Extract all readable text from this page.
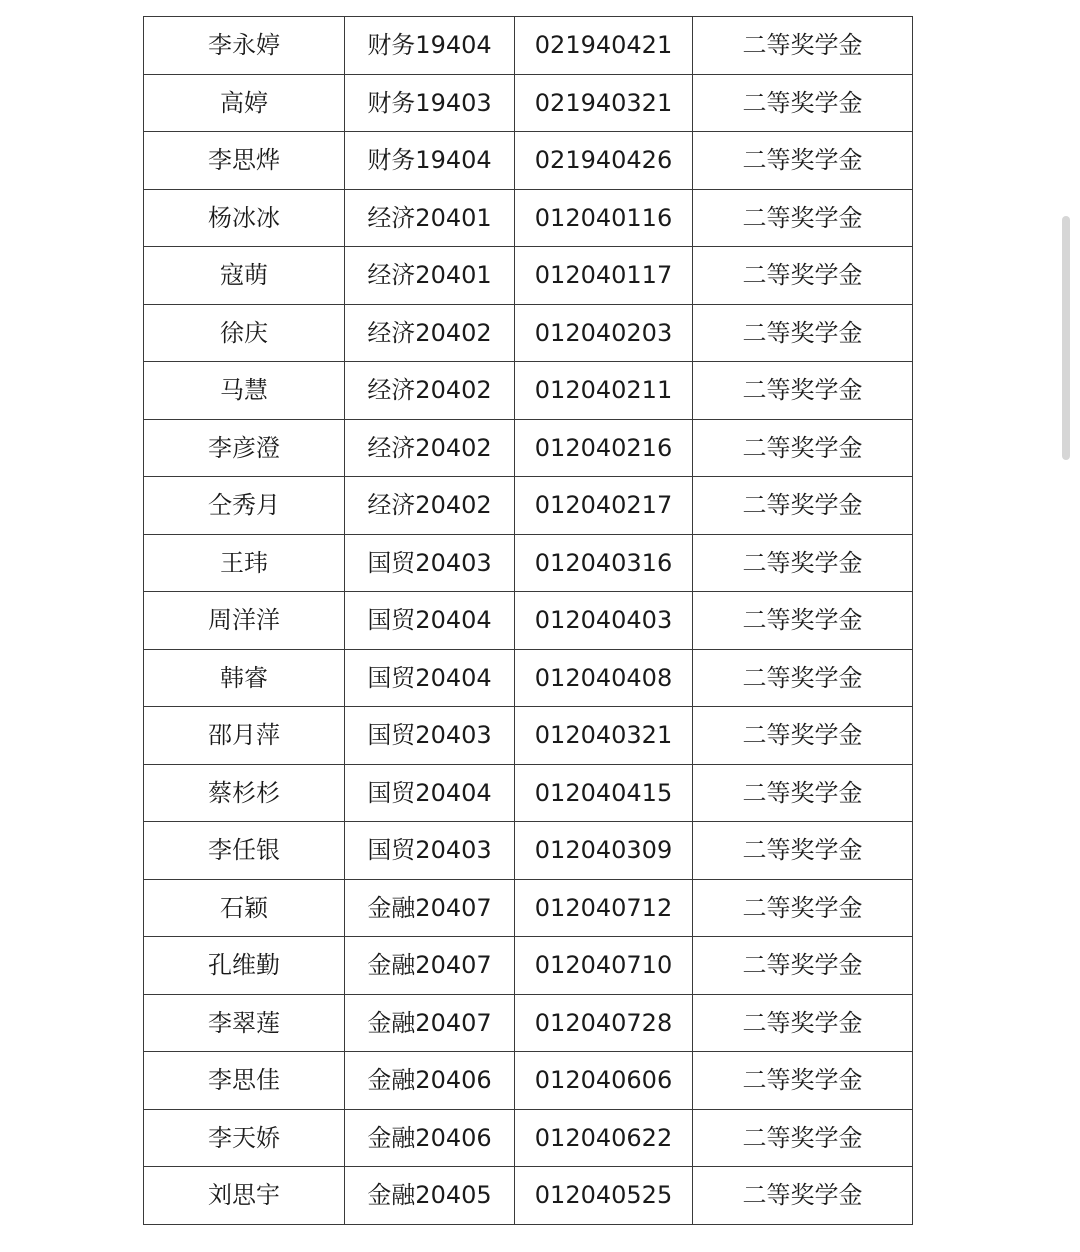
李永婷	财务19404	021940421	二等奖学金
高婷	财务19403	021940321	二等奖学金
李思烨	财务19404	021940426	二等奖学金
杨冰冰	经济20401	012040116	二等奖学金
寇萌	经济20401	012040117	二等奖学金
徐庆	经济20402	012040203	二等奖学金
马慧	经济20402	012040211	二等奖学金
李彦澄	经济20402	012040216	二等奖学金
仝秀月	经济20402	012040217	二等奖学金
王玮	国贸20403	012040316	二等奖学金
周洋洋	国贸20404	012040403	二等奖学金
韩睿	国贸20404	012040408	二等奖学金
邵月萍	国贸20403	012040321	二等奖学金
蔡杉杉	国贸20404	012040415	二等奖学金
李任银	国贸20403	012040309	二等奖学金
石颖	金融20407	012040712	二等奖学金
孔维勤	金融20407	012040710	二等奖学金
李翠莲	金融20407	012040728	二等奖学金
李思佳	金融20406	012040606	二等奖学金
李天娇	金融20406	012040622	二等奖学金
刘思宇	金融20405	012040525	二等奖学金
